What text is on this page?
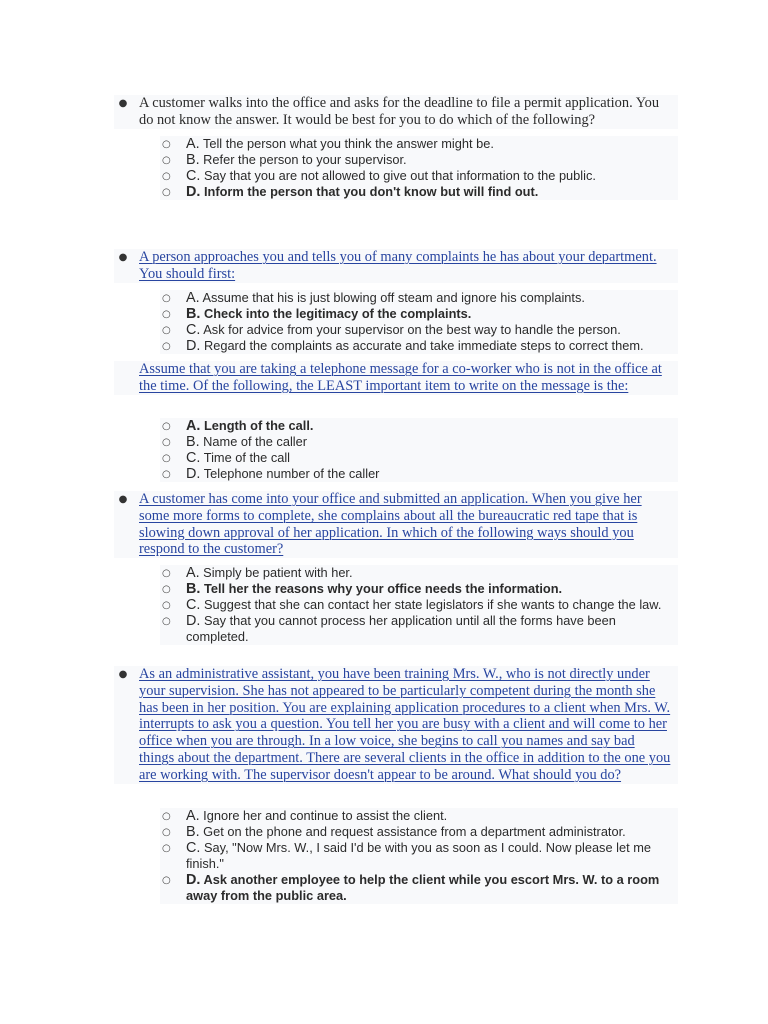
● A customer walks into the office and asks for the deadline to file a permit application. You do not know the answer. It would be best for you to do which of the following?
○ A. Tell the person what you think the answer might be.
○ B. Refer the person to your supervisor.
○ C. Say that you are not allowed to give out that information to the public.
○ D. Inform the person that you don't know but will find out.
● A person approaches you and tells you of many complaints he has about your department. You should first:
○ A. Assume that his is just blowing off steam and ignore his complaints.
○ B. Check into the legitimacy of the complaints.
○ C. Ask for advice from your supervisor on the best way to handle the person.
○ D. Regard the complaints as accurate and take immediate steps to correct them.
Assume that you are taking a telephone message for a co-worker who is not in the office at the time. Of the following, the LEAST important item to write on the message is the:
○ A. Length of the call.
○ B. Name of the caller
○ C. Time of the call
○ D. Telephone number of the caller
● A customer has come into your office and submitted an application. When you give her some more forms to complete, she complains about all the bureaucratic red tape that is slowing down approval of her application. In which of the following ways should you respond to the customer?
○ A. Simply be patient with her.
○ B. Tell her the reasons why your office needs the information.
○ C. Suggest that she can contact her state legislators if she wants to change the law.
○ D. Say that you cannot process her application until all the forms have been completed.
● As an administrative assistant, you have been training Mrs. W., who is not directly under your supervision. She has not appeared to be particularly competent during the month she has been in her position. You are explaining application procedures to a client when Mrs. W. interrupts to ask you a question. You tell her you are busy with a client and will come to her office when you are through. In a low voice, she begins to call you names and say bad things about the department. There are several clients in the office in addition to the one you are working with. The supervisor doesn't appear to be around. What should you do?
○ A. Ignore her and continue to assist the client.
○ B. Get on the phone and request assistance from a department administrator.
○ C. Say, "Now Mrs. W., I said I'd be with you as soon as I could. Now please let me finish."
○ D. Ask another employee to help the client while you escort Mrs. W. to a room away from the public area.
